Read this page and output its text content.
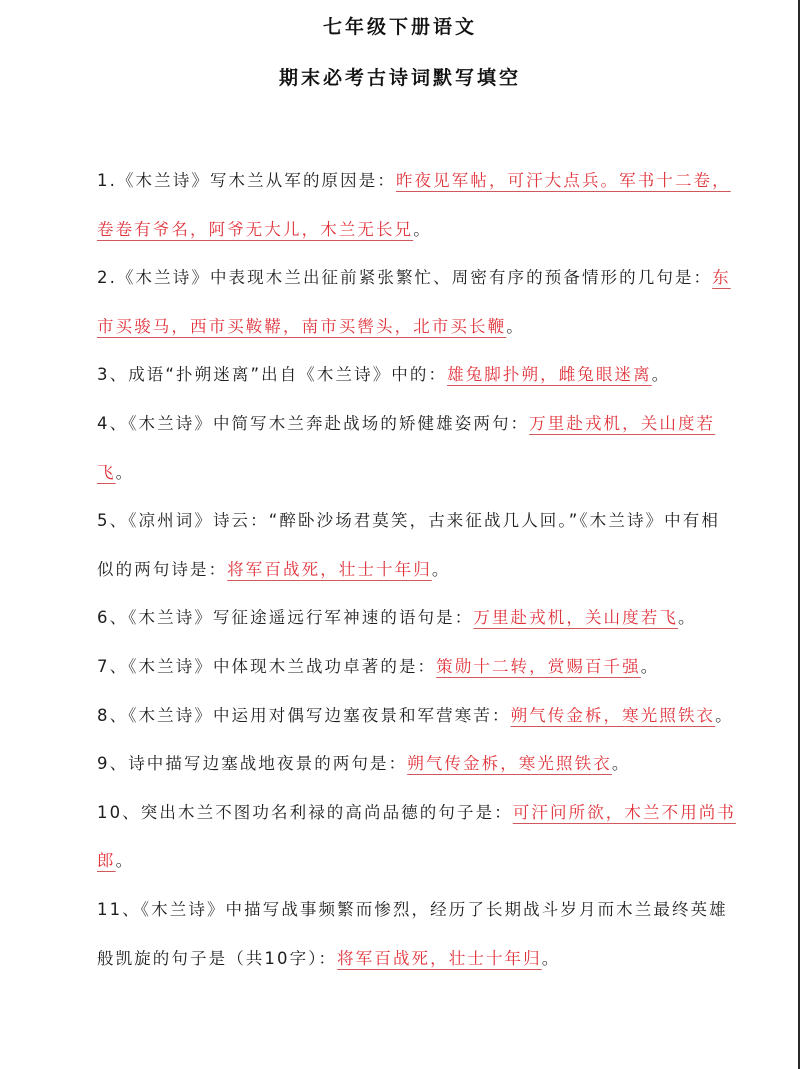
七年级下册语文
期末必考古诗词默写填空

1.《木兰诗》写木兰从军的原因是：昨夜见军帖，可汗大点兵。军书十二卷，卷卷有爷名，阿爷无大儿，木兰无长兄。

2.《木兰诗》中表现木兰出征前紧张繁忙、周密有序的预备情形的几句是：东市买骏马，西市买鞍鞯，南市买辔头，北市买长鞭。

3、成语“扑朔迷离”出自《木兰诗》中的：雄兔脚扑朔，雌兔眼迷离。

4、《木兰诗》中简写木兰奔赴战场的矫健雄姿两句：万里赴戎机，关山度若飞。

5、《凉州词》诗云：“醉卧沙场君莫笑，古来征战几人回。”《木兰诗》中有相似的两句诗是：将军百战死，壮士十年归。

6、《木兰诗》写征途遥远行军神速的语句是：万里赴戎机，关山度若飞。

7、《木兰诗》中体现木兰战功卓著的是：策勋十二转，赏赐百千强。

8、《木兰诗》中运用对偶写边塞夜景和军营寒苦：朔气传金柝，寒光照铁衣。

9、诗中描写边塞战地夜景的两句是：朔气传金柝，寒光照铁衣。

10、突出木兰不图功名利禄的高尚品德的句子是：可汗问所欲，木兰不用尚书郎。

11、《木兰诗》中描写战事频繁而惨烈，经历了长期战斗岁月而木兰最终英雄般凯旋的句子是（共10字）：将军百战死，壮士十年归。
